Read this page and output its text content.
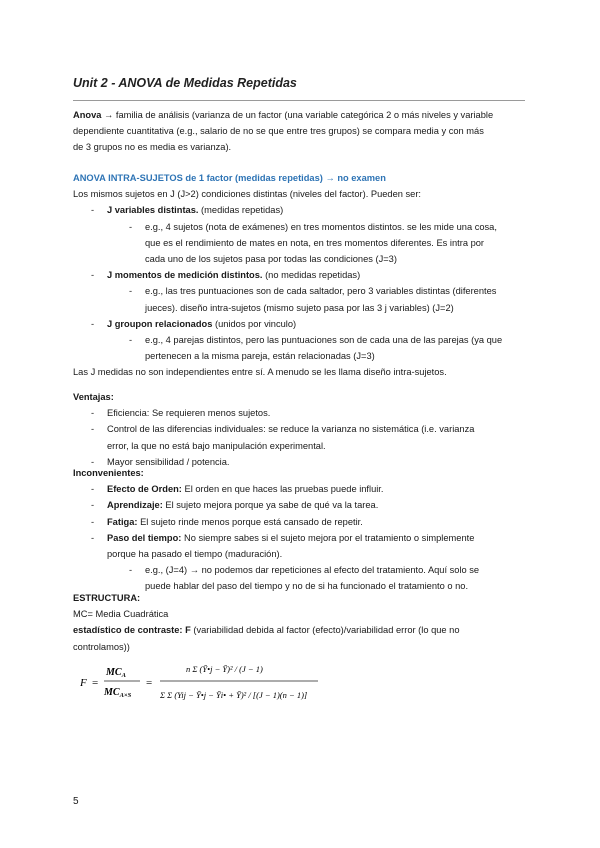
Unit 2 - ANOVA de Medidas Repetidas
Anova → familia de análisis (varianza de un factor (una variable categórica 2 o más niveles y variable
dependiente cuantitativa (e.g., salario de no se que entre tres grupos) se compara media y con más
de 3 grupos no es media es varianza).
ANOVA INTRA-SUJETOS de 1 factor (medidas repetidas) → no examen
Los mismos sujetos en J (J>2) condiciones distintas (niveles del factor). Pueden ser:
-	J variables distintas. (medidas repetidas)
- e.g., 4 sujetos (nota de exámenes) en tres momentos distintos. se les mide una cosa,
que es el rendimiento de mates en nota, en tres momentos diferentes. Es intra por
cada uno de los sujetos pasa por todas las condiciones (J=3)
-	J momentos de medición distintos. (no medidas repetidas)
- e.g., las tres puntuaciones son de cada saltador, pero 3 variables distintas (diferentes
jueces). diseño intra-sujetos (mismo sujeto pasa por las 3 j variables) (J=2)
-	J groupon relacionados (unidos por vinculo)
- e.g., 4 parejas distintos, pero las puntuaciones son de cada una de las parejas (ya que
pertenecen a la misma pareja, están relacionadas (J=3)
Las J medidas no son independientes entre sí. A menudo se les llama diseño intra-sujetos.
Ventajas:
- Eficiencia: Se requieren menos sujetos.
- Control de las diferencias individuales: se reduce la varianza no sistemática (i.e. varianza
error, la que no está bajo manipulación experimental.
- Mayor sensibilidad / potencia.
Inconvenientes:
-	Efecto de Orden: El orden en que haces las pruebas puede influir.
-	Aprendizaje: El sujeto mejora porque ya sabe de qué va la tarea.
-	Fatiga: El sujeto rinde menos porque está cansado de repetir.
- Paso del tiempo: No siempre sabes si el sujeto mejora por el tratamiento o simplemente
porque ha pasado el tiempo (maduración).
- e.g., (J=4) → no podemos dar repeticiones al efecto del tratamiento. Aquí solo se
puede hablar del paso del tiempo y no de si ha funcionado el tratamiento o no.
ESTRUCTURA:
MC= Media Cuadrática
estadístico de contraste: F (variabilidad debida al factor (efecto)/variabilidad error (lo que no
controlamos))
F =
$MC_A$
$MC_{A\times S}$
=
n Σ (Ȳ•j − Ȳ)² / (J − 1)
Σ Σ (Yij − Ȳ•j − Ȳi• + Ȳ)² / [(J − 1)(n − 1)]
5
